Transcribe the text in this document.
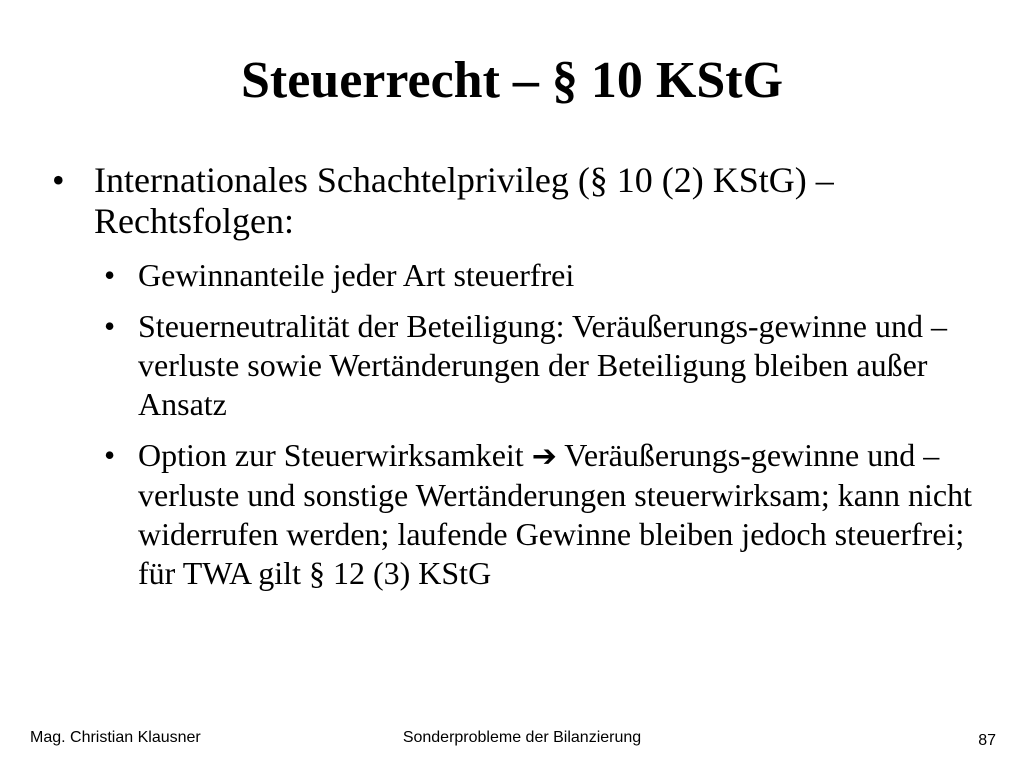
Steuerrecht – § 10 KStG
• Internationales Schachtelprivileg (§ 10 (2) KStG) – Rechtsfolgen:
• Gewinnanteile jeder Art steuerfrei
• Steuerneutralität der Beteiligung: Veräußerungs-gewinne und –verluste sowie Wertänderungen der Beteiligung bleiben außer Ansatz
• Option zur Steuerwirksamkeit ➔ Veräußerungs-gewinne und –verluste und sonstige Wertänderungen steuerwirksam; kann nicht widerrufen werden; laufende Gewinne bleiben jedoch steuerfrei; für TWA gilt § 12 (3) KStG
Mag. Christian Klausner	Sonderprobleme der Bilanzierung	87
